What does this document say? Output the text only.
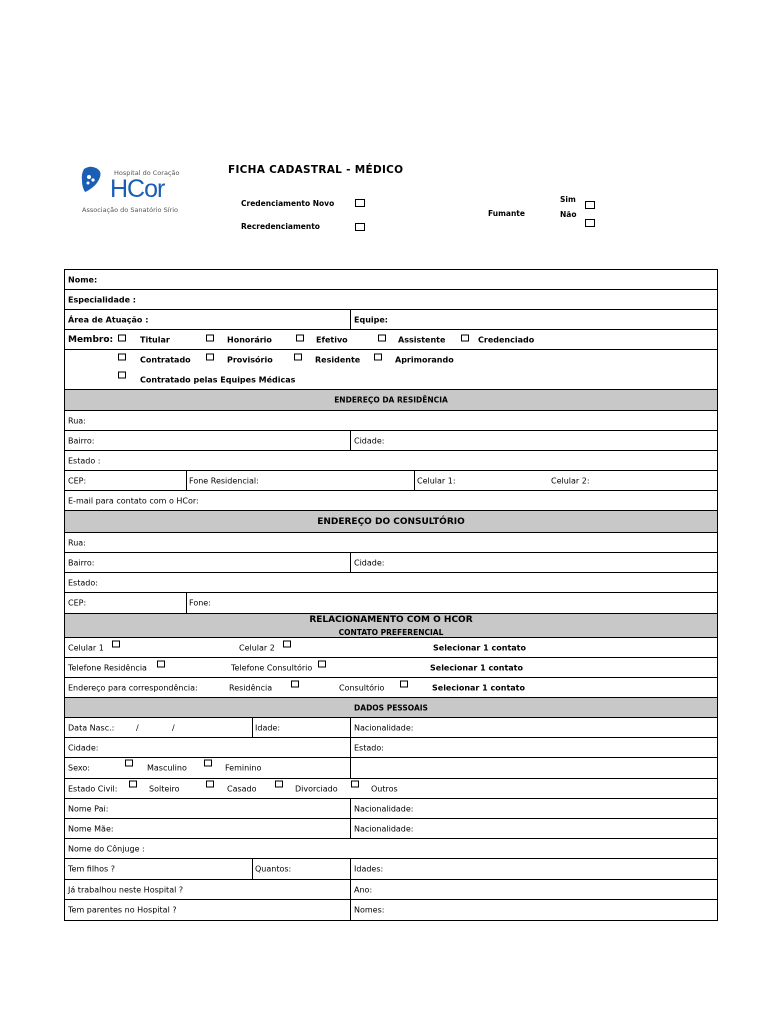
Hospital do Coração
HCor
Associação do Sanatório Sírio
FICHA CADASTRAL - MÉDICO
Credenciamento Novo
Recredenciamento
Fumante
Sim
Não
Nome:
Especialidade :
Área de Atuação :	Equipe:
Membro:	Titular	Honorário	Efetivo	Assistente	Credenciado
Contratado	Provisório	Residente	Aprimorando
Contratado pelas Equipes Médicas
ENDEREÇO DA RESIDÊNCIA
Rua:
Bairro:	Cidade:
Estado :
CEP:	Fone Residencial:	Celular 1:	Celular 2:
E-mail para contato com o HCor:
ENDEREÇO DO CONSULTÓRIO
Rua:
Bairro:	Cidade:
Estado:
CEP:	Fone:
RELACIONAMENTO COM O HCOR
CONTATO PREFERENCIAL
Celular 1	Celular 2	Selecionar 1 contato
Telefone Residência	Telefone Consultório	Selecionar 1 contato
Endereço para correspondência:	Residência	Consultório	Selecionar 1 contato
DADOS PESSOAIS
Data Nasc.:	/	/	Idade:	Nacionalidade:
Cidade:	Estado:
Sexo:	Masculino	Feminino
Estado Civil:	Solteiro	Casado	Divorciado	Outros
Nome Pai:	Nacionalidade:
Nome Mãe:	Nacionalidade:
Nome do Cônjuge :
Tem filhos ?	Quantos:	Idades:
Já trabalhou neste Hospital ?	Ano:
Tem parentes no Hospital ?	Nomes:
